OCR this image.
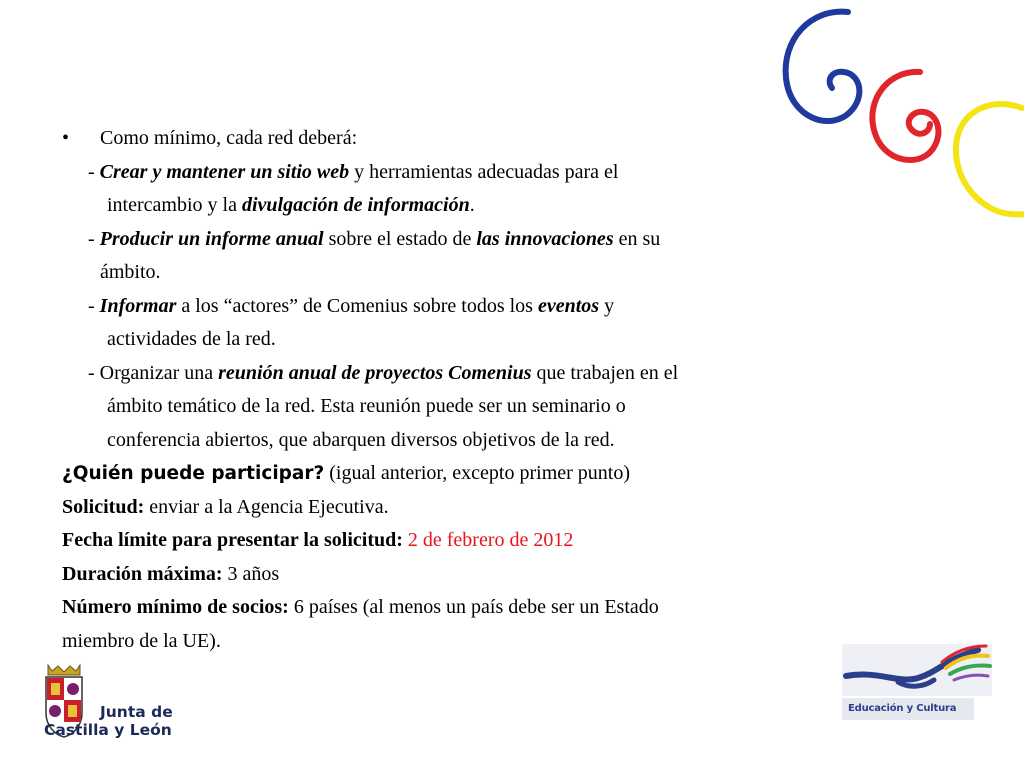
• Como mínimo, cada red deberá:
- Crear y mantener un sitio web y herramientas adecuadas para el
intercambio y la divulgación de información.
- Producir un informe anual sobre el estado de las innovaciones en su
ámbito.
- Informar a los “actores” de Comenius sobre todos los eventos y
actividades de la red.
- Organizar una reunión anual de proyectos Comenius que trabajen en el
ámbito temático de la red. Esta reunión puede ser un seminario o
conferencia abiertos, que abarquen diversos objetivos de la red.
¿Quién puede participar? (igual anterior, excepto primer punto)
Solicitud: enviar a la Agencia Ejecutiva.
Fecha límite para presentar la solicitud: 2 de febrero de 2012
Duración máxima: 3 años
Número mínimo de socios: 6 países (al menos un país debe ser un Estado
miembro de la UE).
Junta de
Castilla y León
Educación y Cultura
